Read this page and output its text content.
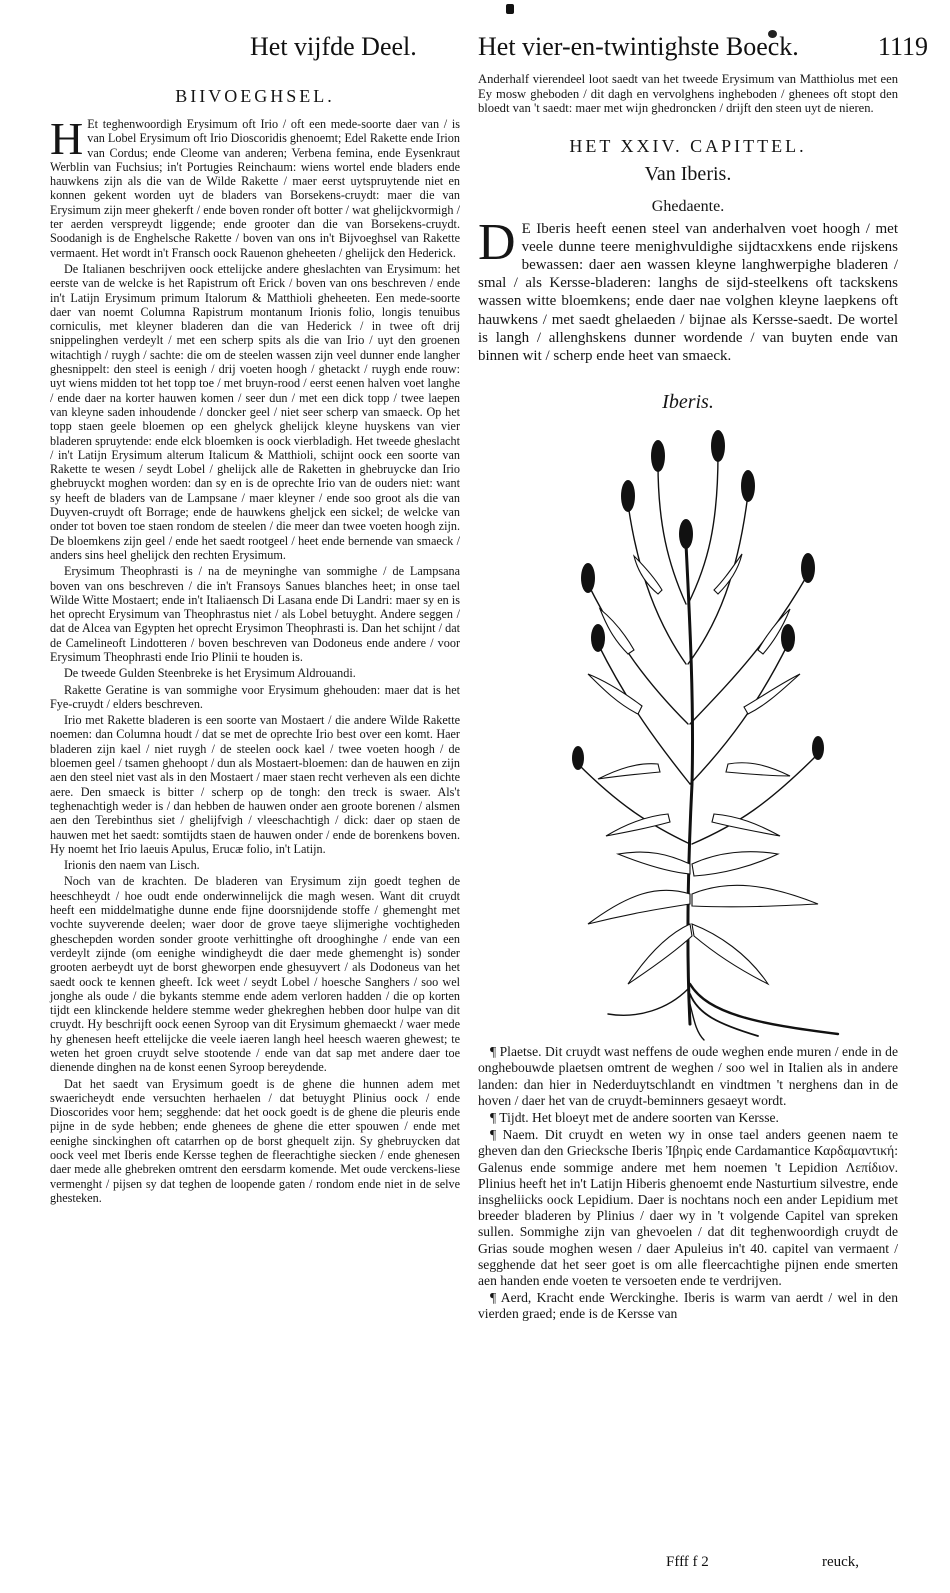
Het vijfde Deel. Het vier-en-twintighste Boeck.	1119
BIIVOEGHSEL.
H Et teghenwoordigh Erysimum oft Irio / oft een mede-soorte daer van / is van Lobel Erysimum oft Irio Dioscoridis ghenoemt; Edel Rakette ende Irion van Cordus; ende Cleome van anderen; Verbena femina, ende Eysenkraut Werblin van Fuchsius; in't Portugies Reinchaum: wiens wortel ende bladers ende hauwkens zijn als die van de Wilde Rakette / maer eerst uytspruytende niet en konnen gekent worden uyt de bladers van Borsekens-cruydt: maer die van Erysimum zijn meer ghekerft / ende boven ronder oft botter / wat ghelijckvormigh / ter aerden verspreydt liggende; ende grooter dan die van Borsekens-cruydt. Soodanigh is de Enghelsche Rakette / boven van ons in't Bijvoeghsel van Rakette vermaent. Het wordt in't Fransch oock Rauenon gheheeten / ghelijck den Hederick.
De Italianen beschrijven oock ettelijcke andere gheslachten van Erysimum: het eerste van de welcke is het Rapistrum oft Erick / boven van ons beschreven / ende in't Latijn Erysimum primum Italorum & Matthioli gheheeten. Een mede-soorte daer van noemt Columna Rapistrum montanum Irionis folio, longis tenuibus corniculis, met kleyner bladeren dan die van Hederick / in twee oft drij snippelinghen verdeylt / met een scherp spits als die van Irio / uyt den groenen witachtigh / ruygh / sachte: die om de steelen wassen zijn veel dunner ende langher ghesnippelt: den steel is eenigh / drij voeten hoogh / ghetackt / ruygh ende rouw: uyt wiens midden tot het topp toe / met bruyn-rood / eerst eenen halven voet langhe / ende daer na korter hauwen komen / seer dun / met een dick topp / twee laepen van kleyne saden inhoudende / doncker geel / niet seer scherp van smaeck. Op het topp staen geele bloemen op een ghelyck ghelijck kleyne huyskens van vier bladeren spruytende: ende elck bloemken is oock vierbladigh. Het tweede gheslacht / in't Latijn Erysimum alterum Italicum & Matthioli, schijnt oock een soorte van Rakette te wesen / seydt Lobel / ghelijck alle de Raketten in ghebruycke dan Irio ghebruyckt moghen worden: dan sy en is de oprechte Irio van de ouders niet: want sy heeft de bladers van de Lampsane / maer kleyner / ende soo groot als die van Duyven-cruydt oft Borrage; ende de hauwkens gheljck een sickel; de welcke van onder tot boven toe staen rondom de steelen / die meer dan twee voeten hoogh zijn. De bloemkens zijn geel / ende het saedt rootgeel / heet ende bernende van smaeck / anders sins heel ghelijck den rechten Erysimum.
Erysimum Theophrasti is / na de meyninghe van sommighe / de Lampsana boven van ons beschreven / die in't Fransoys Sanues blanches heet; in onse tael Wilde Witte Mostaert; ende in't Italiaensch Di Lasana ende Di Landri: maer sy en is het oprecht Erysimum van Theophrastus niet / als Lobel betuyght. Andere seggen / dat de Alcea van Egypten het oprecht Erysimon Theophrasti is. Dan het schijnt / dat de Camelineoft Lindotteren / boven beschreven van Dodoneus ende andere / voor Erysimum Theophrasti ende Irio Plinii te houden is.
De tweede Gulden Steenbreke is het Erysimum Aldrouandi.
Rakette Geratine is van sommighe voor Erysimum ghehouden: maer dat is het Fye-cruydt / elders beschreven.
Irio met Rakette bladeren is een soorte van Mostaert / die andere Wilde Rakette noemen: dan Columna houdt / dat se met de oprechte Irio best over een komt. Haer bladeren zijn kael / niet ruygh / de steelen oock kael / twee voeten hoogh / de bloemen geel / tsamen ghehoopt / dun als Mostaert-bloemen: dan de hauwen en zijn aen den steel niet vast als in den Mostaert / maer staen recht verheven als een dichte aere. Den smaeck is bitter / scherp op de tongh: den treck is swaer. Als't teghenachtigh weder is / dan hebben de hauwen onder aen groote borenen / alsmen aen den Terebinthus siet / ghelijfvigh / vleeschachtigh / dick: daer op staen de hauwen met het saedt: somtijdts staen de hauwen onder / ende de borenkens boven. Hy noemt het Irio laeuis Apulus, Erucæ folio, in't Latijn.
Irionis den naem van Lisch.
Noch van de krachten. De bladeren van Erysimum zijn goedt teghen de heeschheydt / hoe oudt ende onderwinnelijck die magh wesen. Want dit cruydt heeft een middelmatighe dunne ende fijne doorsnijdende stoffe / ghemenght met vochte suyverende deelen; waer door de grove taeye slijmerighe vochtigheden gheschepden worden sonder groote verhittinghe oft drooghinghe / ende van een verdeylt zijnde (om eenighe windigheydt die daer mede ghemenght is) sonder grooten aerbeydt uyt de borst gheworpen ende ghesuyvert / als Dodoneus van het saedt oock te kennen gheeft. Ick weet / seydt Lobel / hoesche Sanghers / soo wel jonghe als oude / die bykants stemme ende adem verloren hadden / die op korten tijdt een klinckende heldere stemme weder ghekreghen hebben door hulpe van dit cruydt. Hy beschrijft oock eenen Syroop van dit Erysimum ghemaeckt / waer mede hy ghenesen heeft ettelijcke die veele iaeren langh heel heesch waeren ghewest; te weten het groen cruydt selve stootende / ende van dat sap met andere daer toe dienende dinghen na de konst eenen Syroop bereydende.
Dat het saedt van Erysimum goedt is de ghene die hunnen adem met swaericheydt ende versuchten herhaelen / dat betuyght Plinius oock / ende Dioscorides voor hem; segghende: dat het oock goedt is de ghene die pleuris ende pijne in de syde hebben; ende ghenees de ghene die etter spouwen / ende met eenighe sinckinghen oft catarrhen op de borst ghequelt zijn. Sy ghebruycken dat oock veel met Iberis ende Kersse teghen de fleerachtighe siecken / ende ghenesen daer mede alle ghebreken omtrent den eersdarm komende. Met oude verckens-liese vermenght / pijsen sy dat teghen de loopende gaten / rondom ende niet in de selve ghesteken.
Anderhalf vierendeel loot saedt van het tweede Erysimum van Matthiolus met een Ey mosw gheboden / dit dagh en vervolghens ingheboden / ghenees oft stopt den bloedt van 't saedt: maer met wijn ghedroncken / drijft den steen uyt de nieren.
HET XXIV. CAPITTEL.
Van Iberis.
Ghedaente.
D E Iberis heeft eenen steel van anderhalven voet hoogh / met veele dunne teere menighvuldighe sijdtacxkens ende rijskens bewassen: daer aen wassen kleyne langhwerpighe bladeren / smal / als Kersse-bladeren: langhs de sijd-steelkens oft tackskens wassen witte bloemkens; ende daer nae volghen kleyne laepkens oft hauwkens / met saedt ghelaeden / bijnae als Kersse-saedt. De wortel is langh / allenghskens dunner wordende / van buyten ende van binnen wit / scherp ende heet van smaeck.
Iberis.
¶ Plaetse. Dit cruydt wast neffens de oude weghen ende muren / ende in de onghebouwde plaetsen omtrent de weghen / soo wel in Italien als in andere landen: dan hier in Nederduytschlandt en vindtmen 't nerghens dan in de hoven / daer het van de cruydt-beminners gesaeyt wordt.
¶ Tijdt. Het bloeyt met de andere soorten van Kersse.
¶ Naem. Dit cruydt en weten wy in onse tael anders geenen naem te gheven dan den Griecksche Iberis Ἰβηρὶς ende Cardamantice Καρδαμαντική: Galenus ende sommige andere met hem noemen 't Lepidion Λεπίδιον. Plinius heeft het in't Latijn Hiberis ghenoemt ende Nasturtium silvestre, ende insgheliicks oock Lepidium. Daer is nochtans noch een ander Lepidium met breeder bladeren by Plinius / daer wy in 't volgende Capitel van spreken sullen. Sommighe zijn van ghevoelen / dat dit teghenwoordigh cruydt de Grias soude moghen wesen / daer Apuleius in't 40. capitel van vermaent / segghende dat het seer goet is om alle fleercachtighe pijnen ende smerten aen handen ende voeten te versoeten ende te verdrijven.
¶ Aerd, Kracht ende Werckinghe. Iberis is warm van aerdt / wel in den vierden graed; ende is de Kersse van
Ffff f 2	reuck,
